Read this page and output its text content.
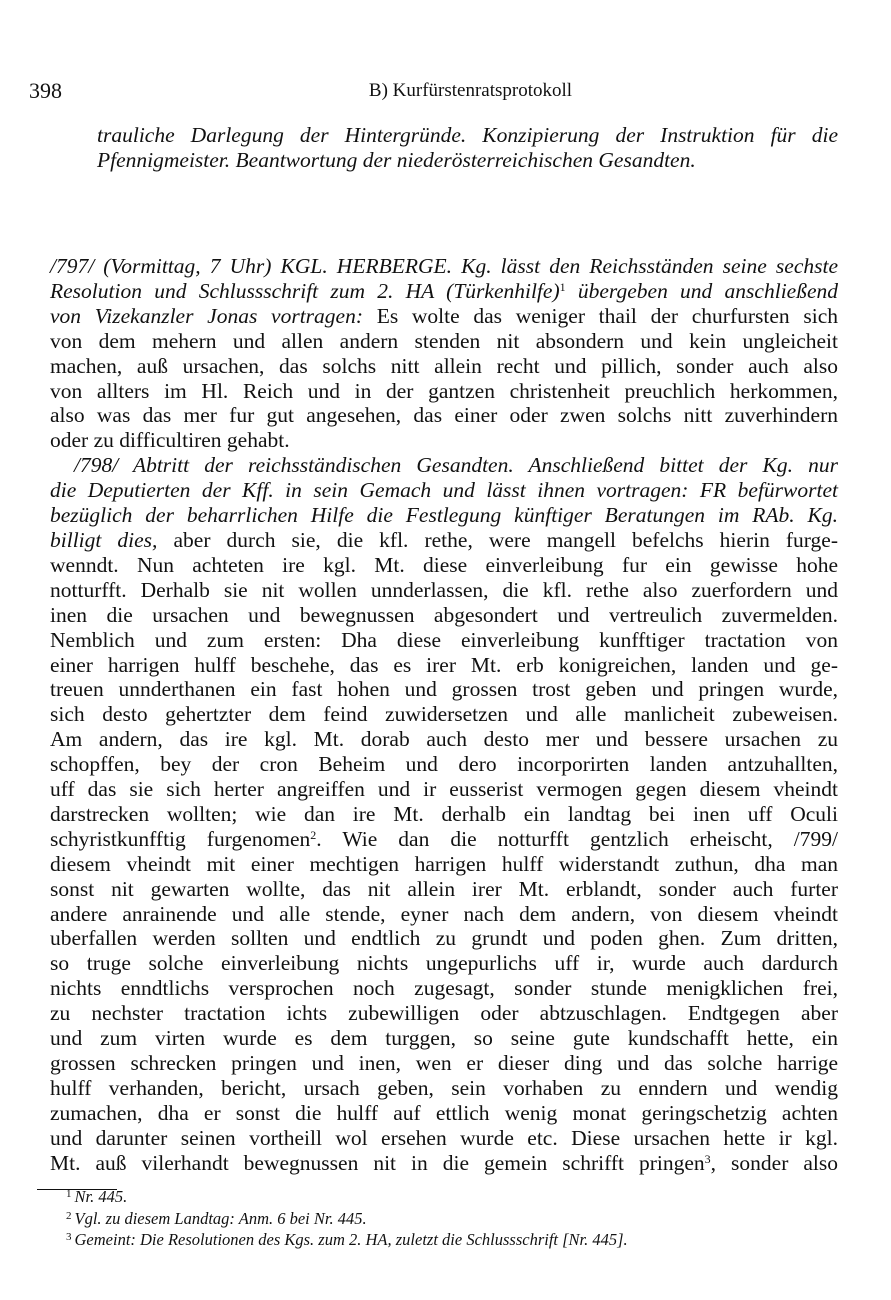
398	B) Kurfürstenratsprotokoll
trauliche Darlegung der Hintergründe. Konzipierung der Instruktion für die
Pfennigmeister. Beantwortung der niederösterreichischen Gesandten.
/797/ (Vormittag, 7 Uhr) KGL. HERBERGE. Kg. lässt den Reichsständen seine sechste
Resolution und Schlussschrift zum 2. HA (Türkenhilfe)$^1$ übergeben und anschließend
von Vizekanzler Jonas vortragen: Es wolte das weniger thail der churfursten sich
von dem mehern und allen andern stenden nit absondern und kein ungleicheit
machen, auß ursachen, das solchs nitt allein recht und pillich, sonder auch also
von allters im Hl. Reich und in der gantzen christenheit preuchlich herkommen,
also was das mer fur gut angesehen, das einer oder zwen solchs nitt zuverhindern
oder zu difficultiren gehabt.
/798/ Abtritt der reichsständischen Gesandten. Anschließend bittet der Kg. nur
die Deputierten der Kff. in sein Gemach und lässt ihnen vortragen: FR befürwortet
bezüglich der beharrlichen Hilfe die Festlegung künftiger Beratungen im RAb. Kg.
billigt dies, aber durch sie, die kfl. rethe, were mangell befelchs hierin furge-
wenndt. Nun achteten ire kgl. Mt. diese einverleibung fur ein gewisse hohe
notturfft. Derhalb sie nit wollen unnderlassen, die kfl. rethe also zuerfordern und
inen die ursachen und bewegnussen abgesondert und vertreulich zuvermelden.
Nemblich und zum ersten: Dha diese einverleibung kunfftiger tractation von
einer harrigen hulff beschehe, das es irer Mt. erb konigreichen, landen und ge-
treuen unnderthanen ein fast hohen und grossen trost geben und pringen wurde,
sich desto gehertzter dem feind zuwidersetzen und alle manlicheit zubeweisen.
Am andern, das ire kgl. Mt. dorab auch desto mer und bessere ursachen zu
schopffen, bey der cron Beheim und dero incorporirten landen antzuhallten,
uff das sie sich herter angreiffen und ir eusserist vermogen gegen diesem vheindt
darstrecken wollten; wie dan ire Mt. derhalb ein landtag bei inen uff Oculi
schyristkunfftig furgenomen$^2$. Wie dan die notturfft gentzlich erheischt, /799/
diesem vheindt mit einer mechtigen harrigen hulff widerstandt zuthun, dha man
sonst nit gewarten wollte, das nit allein irer Mt. erblandt, sonder auch furter
andere anrainende und alle stende, eyner nach dem andern, von diesem vheindt
uberfallen werden sollten und endtlich zu grundt und poden ghen. Zum dritten,
so truge solche einverleibung nichts ungepurlichs uff ir, wurde auch dardurch
nichts enndtlichs versprochen noch zugesagt, sonder stunde menigklichen frei,
zu nechster tractation ichts zubewilligen oder abtzuschlagen. Endtgegen aber
und zum virten wurde es dem turggen, so seine gute kundschafft hette, ein
grossen schrecken pringen und inen, wen er dieser ding und das solche harrige
hulff verhanden, bericht, ursach geben, sein vorhaben zu enndern und wendig
zumachen, dha er sonst die hulff auf ettlich wenig monat geringschetzig achten
und darunter seinen vortheill wol ersehen wurde etc. Diese ursachen hette ir kgl.
Mt. auß vilerhandt bewegnussen nit in die gemein schrifft pringen$^3$, sonder also
$^1$ Nr. 445.
$^2$ Vgl. zu diesem Landtag: Anm. 6 bei Nr. 445.
$^3$ Gemeint: Die Resolutionen des Kgs. zum 2. HA, zuletzt die Schlussschrift [Nr. 445].
